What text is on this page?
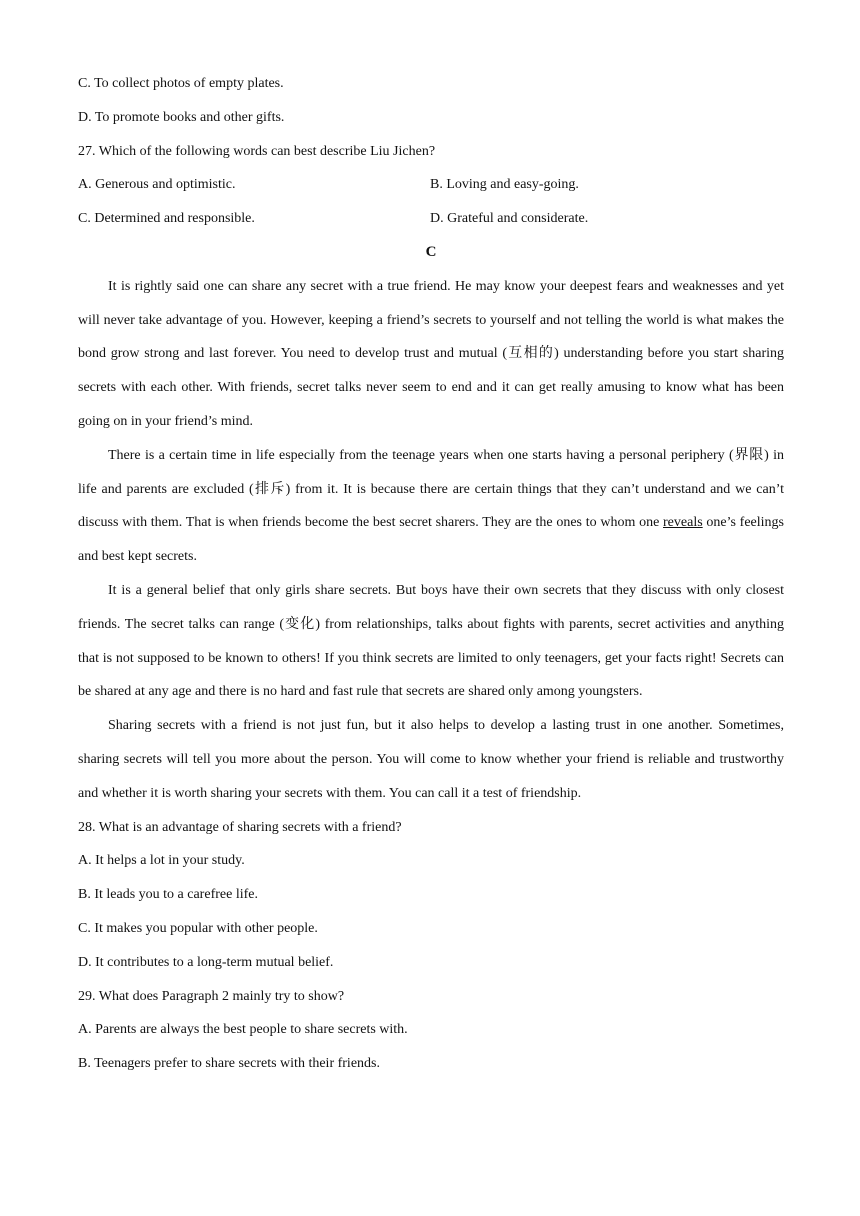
C. To collect photos of empty plates.
D. To promote books and other gifts.
27. Which of the following words can best describe Liu Jichen?
A. Generous and optimistic.	B. Loving and easy-going.
C. Determined and responsible.	D. Grateful and considerate.
C

It is rightly said one can share any secret with a true friend. He may know your deepest fears and weaknesses and yet will never take advantage of you. However, keeping a friend’s secrets to yourself and not telling the world is what makes the bond grow strong and last forever. You need to develop trust and mutual (互相的) understanding before you start sharing secrets with each other. With friends, secret talks never seem to end and it can get really amusing to know what has been going on in your friend’s mind.

There is a certain time in life especially from the teenage years when one starts having a personal periphery (界限) in life and parents are excluded (排斥) from it. It is because there are certain things that they can’t understand and we can’t discuss with them. That is when friends become the best secret sharers. They are the ones to whom one reveals one’s feelings and best kept secrets.

It is a general belief that only girls share secrets. But boys have their own secrets that they discuss with only closest friends. The secret talks can range (变化) from relationships, talks about fights with parents, secret activities and anything that is not supposed to be known to others! If you think secrets are limited to only teenagers, get your facts right! Secrets can be shared at any age and there is no hard and fast rule that secrets are shared only among youngsters.

Sharing secrets with a friend is not just fun, but it also helps to develop a lasting trust in one another. Sometimes, sharing secrets will tell you more about the person. You will come to know whether your friend is reliable and trustworthy and whether it is worth sharing your secrets with them. You can call it a test of friendship.

28. What is an advantage of sharing secrets with a friend?
A. It helps a lot in your study.
B. It leads you to a carefree life.
C. It makes you popular with other people.
D. It contributes to a long-term mutual belief.
29. What does Paragraph 2 mainly try to show?
A. Parents are always the best people to share secrets with.
B. Teenagers prefer to share secrets with their friends.
